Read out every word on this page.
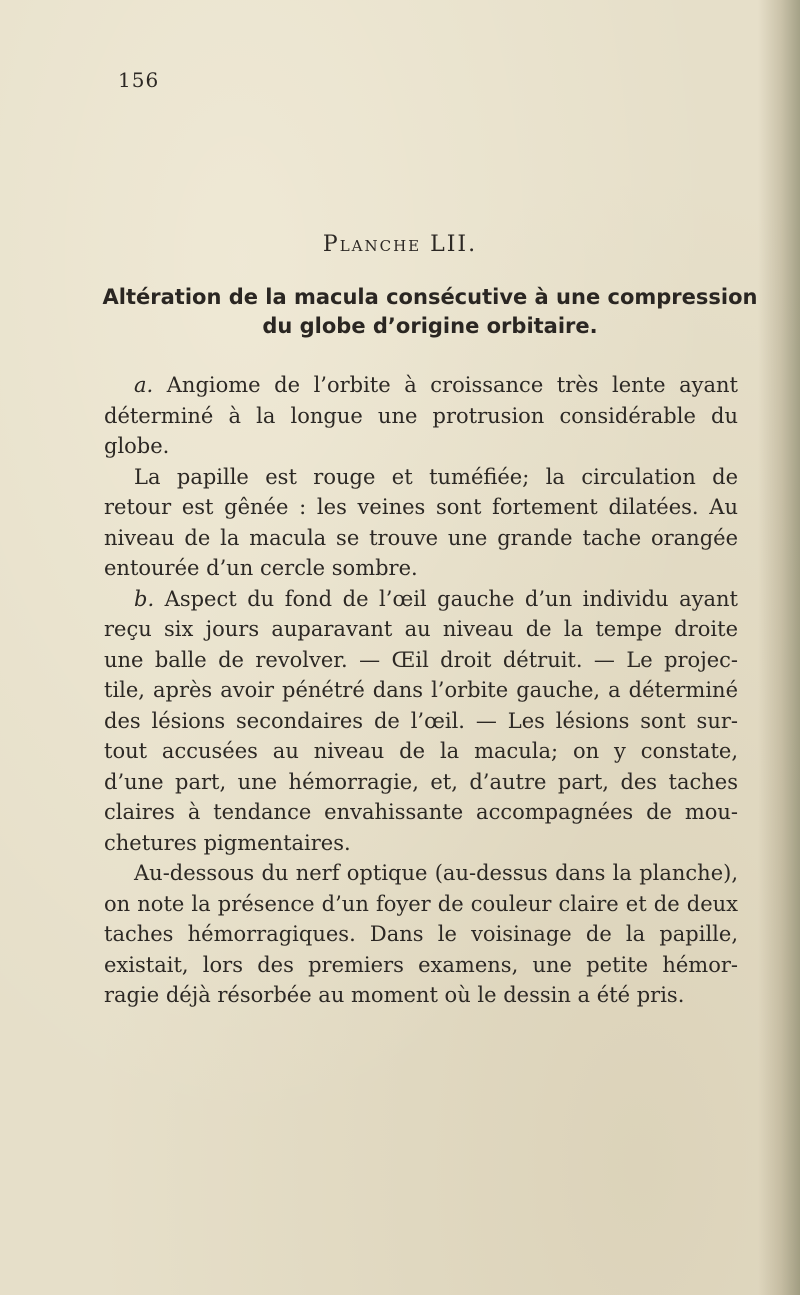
156
Planche LII.
Altération de la macula consécutive à une compression
du globe d’origine orbitaire.
a. Angiome de l’orbite à croissance très lente ayant
déterminé à la longue une protrusion considérable du
globe.
La papille est rouge et tuméfiée; la circulation de
retour est gênée : les veines sont fortement dilatées. Au
niveau de la macula se trouve une grande tache orangée
entourée d’un cercle sombre.
b. Aspect du fond de l’œil gauche d’un individu ayant
reçu six jours auparavant au niveau de la tempe droite
une balle de revolver. — Œil droit détruit. — Le projec-
tile, après avoir pénétré dans l’orbite gauche, a déterminé
des lésions secondaires de l’œil. — Les lésions sont sur-
tout accusées au niveau de la macula; on y constate,
d’une part, une hémorragie, et, d’autre part, des taches
claires à tendance envahissante accompagnées de mou-
chetures pigmentaires.
Au-dessous du nerf optique (au-dessus dans la planche),
on note la présence d’un foyer de couleur claire et de deux
taches hémorragiques. Dans le voisinage de la papille,
existait, lors des premiers examens, une petite hémor-
ragie déjà résorbée au moment où le dessin a été pris.
